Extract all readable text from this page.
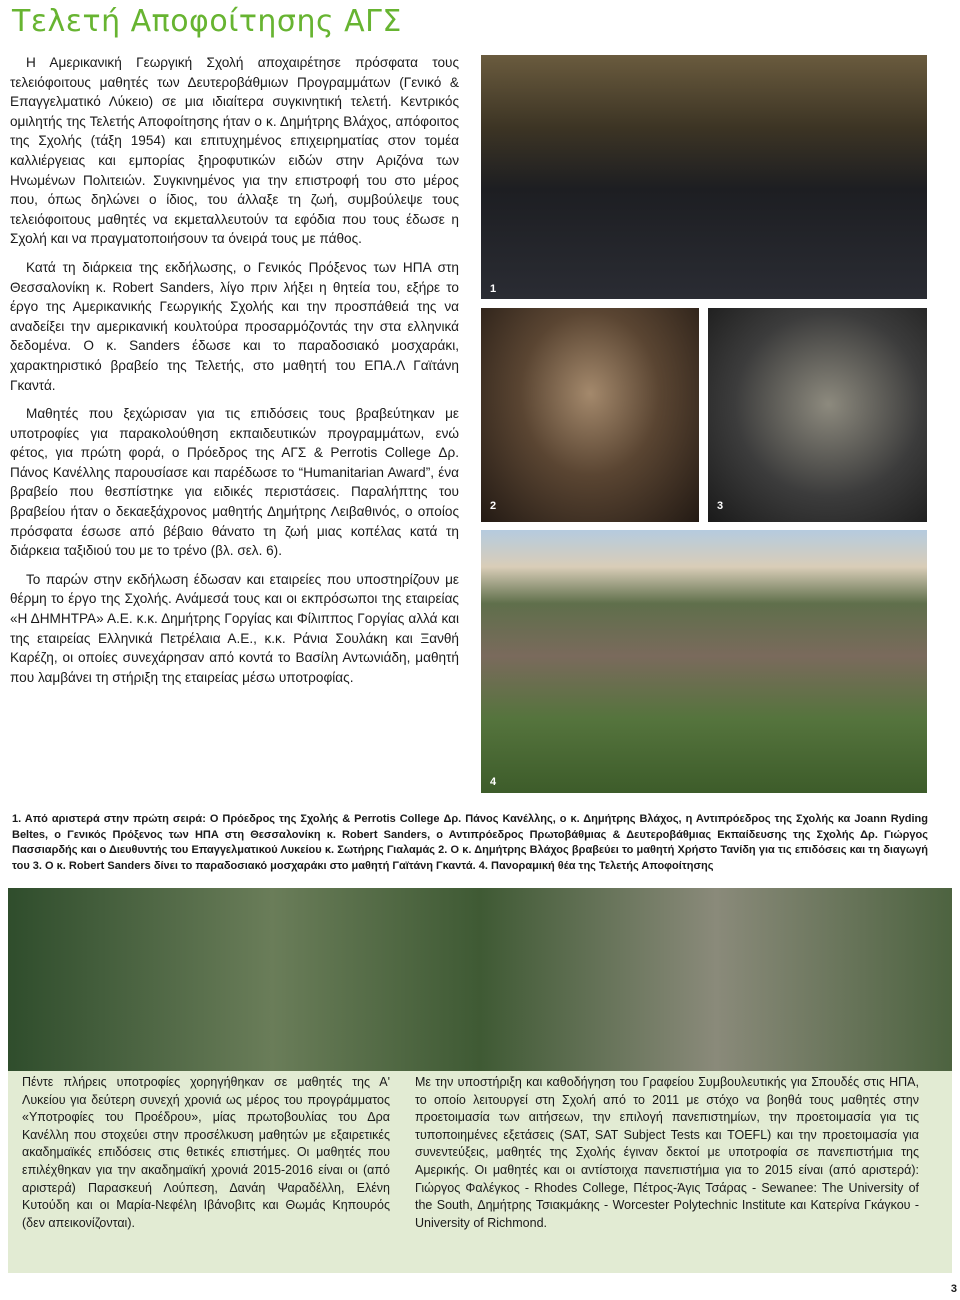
Τελετή Αποφοίτησης ΑΓΣ

Η Αμερικανική Γεωργική Σχολή αποχαιρέτησε πρόσφατα τους τελειόφοιτους μαθητές των Δευτεροβάθμιων Προγραμμάτων (Γενικό & Επαγγελματικό Λύκειο) σε μια ιδιαίτερα συγκινητική τελετή. Κεντρικός ομιλητής της Τελετής Αποφοίτησης ήταν ο κ. Δημήτρης Βλάχος, απόφοιτος της Σχολής (τάξη 1954) και επιτυχημένος επιχειρηματίας στον τομέα καλλιέργειας και εμπορίας ξηροφυτικών ειδών στην Αριζόνα των Ηνωμένων Πολιτειών. Συγκινημένος για την επιστροφή του στο μέρος που, όπως δηλώνει ο ίδιος, του άλλαξε τη ζωή, συμβούλεψε τους τελειόφοιτους μαθητές να εκμεταλλευτούν τα εφόδια που τους έδωσε η Σχολή και να πραγματοποιήσουν τα όνειρά τους με πάθος.

Κατά τη διάρκεια της εκδήλωσης, ο Γενικός Πρόξενος των ΗΠΑ στη Θεσσαλονίκη κ. Robert Sanders, λίγο πριν λήξει η θητεία του, εξήρε το έργο της Αμερικανικής Γεωργικής Σχολής και την προσπάθειά της να αναδείξει την αμερικανική κουλτούρα προσαρμόζοντάς την στα ελληνικά δεδομένα. Ο κ. Sanders έδωσε και το παραδοσιακό μοσχαράκι, χαρακτηριστικό βραβείο της Τελετής, στο μαθητή του ΕΠΑ.Λ Γαϊτάνη Γκαντά.

Μαθητές που ξεχώρισαν για τις επιδόσεις τους βραβεύτηκαν με υποτροφίες για παρακολούθηση εκπαιδευτικών προγραμμάτων, ενώ φέτος, για πρώτη φορά, ο Πρόεδρος της ΑΓΣ & Perrotis College Δρ. Πάνος Κανέλλης παρουσίασε και παρέδωσε το “Humanitarian Award”, ένα βραβείο που θεσπίστηκε για ειδικές περιστάσεις. Παραλήπτης του βραβείου ήταν ο δεκαεξάχρονος μαθητής Δημήτρης Λειβαθινός, ο οποίος πρόσφατα έσωσε από βέβαιο θάνατο τη ζωή μιας κοπέλας κατά τη διάρκεια ταξιδιού του με το τρένο (βλ. σελ. 6).

Το παρών στην εκδήλωση έδωσαν και εταιρείες που υποστηρίζουν με θέρμη το έργο της Σχολής. Ανάμεσά τους και οι εκπρόσωποι της εταιρείας «Η ΔΗΜΗΤΡΑ» Α.Ε. κ.κ. Δημήτρης Γοργίας και Φίλιππος Γοργίας αλλά και της εταιρείας Ελληνικά Πετρέλαια Α.Ε., κ.κ. Ράνια Σουλάκη και Ξανθή Καρέζη, οι οποίες συνεχάρησαν από κοντά το Βασίλη Αντωνιάδη, μαθητή που λαμβάνει τη στήριξη της εταιρείας μέσω υποτροφίας.

1
2	3
4

1. Από αριστερά στην πρώτη σειρά: Ο Πρόεδρος της Σχολής & Perrotis College Δρ. Πάνος Κανέλλης, ο κ. Δημήτρης Βλάχος, η Αντιπρόεδρος της Σχολής κα Joann Ryding Beltes, ο Γενικός Πρόξενος των ΗΠΑ στη Θεσσαλονίκη κ. Robert Sanders, ο Αντιπρόεδρος Πρωτοβάθμιας & Δευτεροβάθμιας Εκπαίδευσης της Σχολής Δρ. Γιώργος Πασσιαρδής και ο Διευθυντής του Επαγγελματικού Λυκείου κ. Σωτήρης Γιαλαμάς 2. Ο κ. Δημήτρης Βλάχος βραβεύει το μαθητή Χρήστο Τανίδη για τις επιδόσεις και τη διαγωγή του 3. Ο κ. Robert Sanders δίνει το παραδοσιακό μοσχαράκι στο μαθητή Γαϊτάνη Γκαντά. 4. Πανοραμική θέα της Τελετής Αποφοίτησης

Πέντε πλήρεις υποτροφίες χορηγήθηκαν σε μαθητές της Α' Λυκείου για δεύτερη συνεχή χρονιά ως μέρος του προγράμματος «Υποτροφίες του Προέδρου», μίας πρωτοβουλίας του Δρα Κανέλλη που στοχεύει στην προσέλκυση μαθητών με εξαιρετικές ακαδημαϊκές επιδόσεις στις θετικές επιστήμες. Οι μαθητές που επιλέχθηκαν για την ακαδημαϊκή χρονιά 2015-2016 είναι οι (από αριστερά) Παρασκευή Λούπεση, Δανάη Ψαραδέλλη, Ελένη Κυτούδη και οι Μαρία-Νεφέλη Ιβάνοβιτς και Θωμάς Κηπουρός (δεν απεικονίζονται).

Με την υποστήριξη και καθοδήγηση του Γραφείου Συμβουλευτικής για Σπουδές στις ΗΠΑ, το οποίο λειτουργεί στη Σχολή από το 2011 με στόχο να βοηθά τους μαθητές στην προετοιμασία των αιτήσεων, την επιλογή πανεπιστημίων, την προετοιμασία για τις τυποποιημένες εξετάσεις (SAT, SAT Subject Tests και TOEFL) και την προετοιμασία για συνεντεύξεις, μαθητές της Σχολής έγιναν δεκτοί με υποτροφία σε πανεπιστήμια της Αμερικής. Οι μαθητές και οι αντίστοιχα πανεπιστήμια για το 2015 είναι (από αριστερά): Γιώργος Φαλέγκος - Rhodes College, Πέτρος-Άγις Τσάρας - Sewanee: The University of the South, Δημήτρης Τσιακμάκης - Worcester Polytechnic Institute και Κατερίνα Γκάγκου - University of Richmond.

3
